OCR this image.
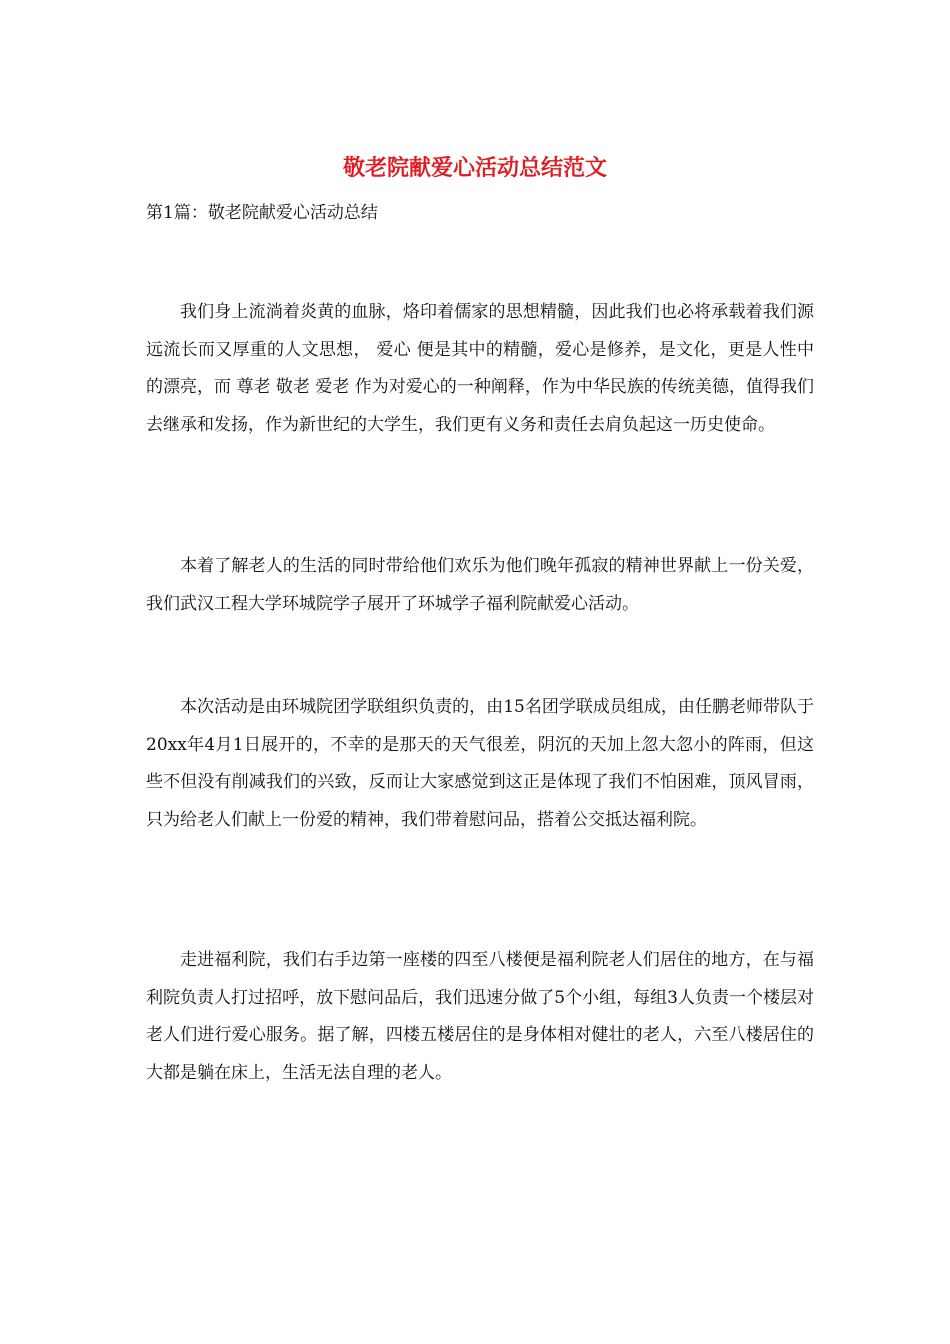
敬老院献爱心活动总结范文

第1篇：敬老院献爱心活动总结

我们身上流淌着炎黄的血脉，烙印着儒家的思想精髓，因此我们也必将承载着我们源远流长而又厚重的人文思想， 爱心 便是其中的精髓，爱心是修养，是文化，更是人性中的漂亮，而 尊老 敬老 爱老 作为对爱心的一种阐释，作为中华民族的传统美德，值得我们去继承和发扬，作为新世纪的大学生，我们更有义务和责任去肩负起这一历史使命。

本着了解老人的生活的同时带给他们欢乐为他们晚年孤寂的精神世界献上一份关爱，我们武汉工程大学环城院学子展开了环城学子福利院献爱心活动。

本次活动是由环城院团学联组织负责的，由15名团学联成员组成，由任鹏老师带队于20xx年4月1日展开的，不幸的是那天的天气很差，阴沉的天加上忽大忽小的阵雨，但这些不但没有削减我们的兴致，反而让大家感觉到这正是体现了我们不怕困难，顶风冒雨，只为给老人们献上一份爱的精神，我们带着慰问品，搭着公交抵达福利院。

走进福利院，我们右手边第一座楼的四至八楼便是福利院老人们居住的地方，在与福利院负责人打过招呼，放下慰问品后，我们迅速分做了5个小组，每组3人负责一个楼层对老人们进行爱心服务。据了解，四楼五楼居住的是身体相对健壮的老人，六至八楼居住的大都是躺在床上，生活无法自理的老人。
